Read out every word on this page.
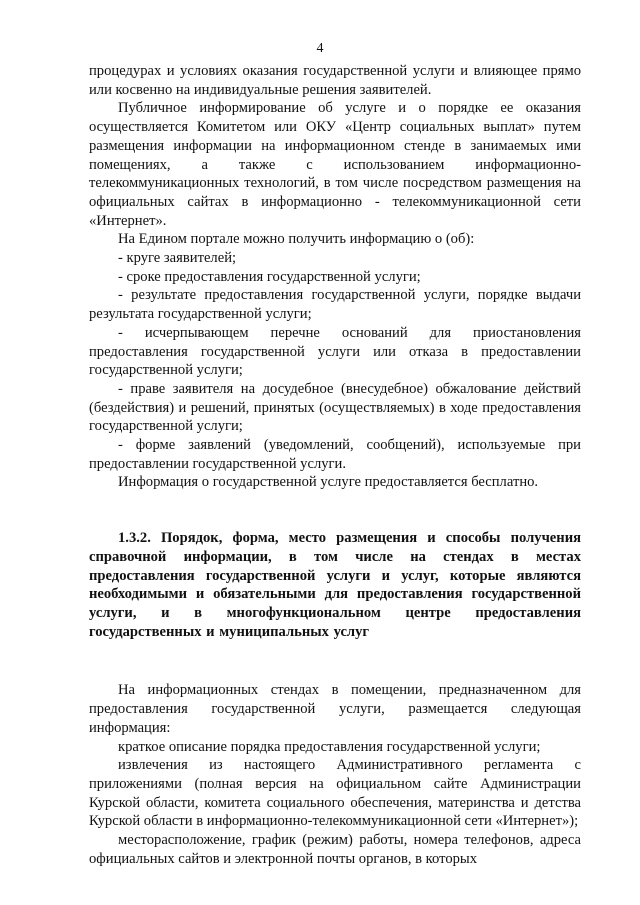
4

процедурах и условиях оказания государственной услуги и влияющее прямо или косвенно на индивидуальные решения заявителей.

Публичное информирование об услуге и о порядке ее оказания осуществляется Комитетом или ОКУ «Центр социальных выплат» путем размещения информации на информационном стенде в занимаемых ими помещениях, а также с использованием информационно-телекоммуникационных технологий, в том числе посредством размещения на официальных сайтах в информационно - телекоммуникационной сети «Интернет».

На Едином портале можно получить информацию о (об):

- круге заявителей;

- сроке предоставления государственной услуги;

- результате предоставления государственной услуги, порядке выдачи результата государственной услуги;

- исчерпывающем перечне оснований для приостановления предоставления государственной услуги или отказа в предоставлении государственной услуги;

- праве заявителя на досудебное (внесудебное) обжалование действий (бездействия) и решений, принятых (осуществляемых) в ходе предоставления государственной услуги;

- форме заявлений (уведомлений, сообщений), используемые при предоставлении государственной услуги.

Информация о государственной услуге предоставляется бесплатно.

1.3.2. Порядок, форма, место размещения и способы получения справочной информации, в том числе на стендах в местах предоставления государственной услуги и услуг, которые являются необходимыми и обязательными для предоставления государственной услуги, и в многофункциональном центре предоставления государственных и муниципальных услуг

На информационных стендах в помещении, предназначенном для предоставления государственной услуги, размещается следующая информация:

краткое описание порядка предоставления государственной услуги;

извлечения из настоящего Административного регламента с приложениями (полная версия на официальном сайте Администрации Курской области, комитета социального обеспечения, материнства и детства Курской области в информационно-телекоммуникационной сети «Интернет»);

месторасположение, график (режим) работы, номера телефонов, адреса официальных сайтов и электронной почты органов, в которых
